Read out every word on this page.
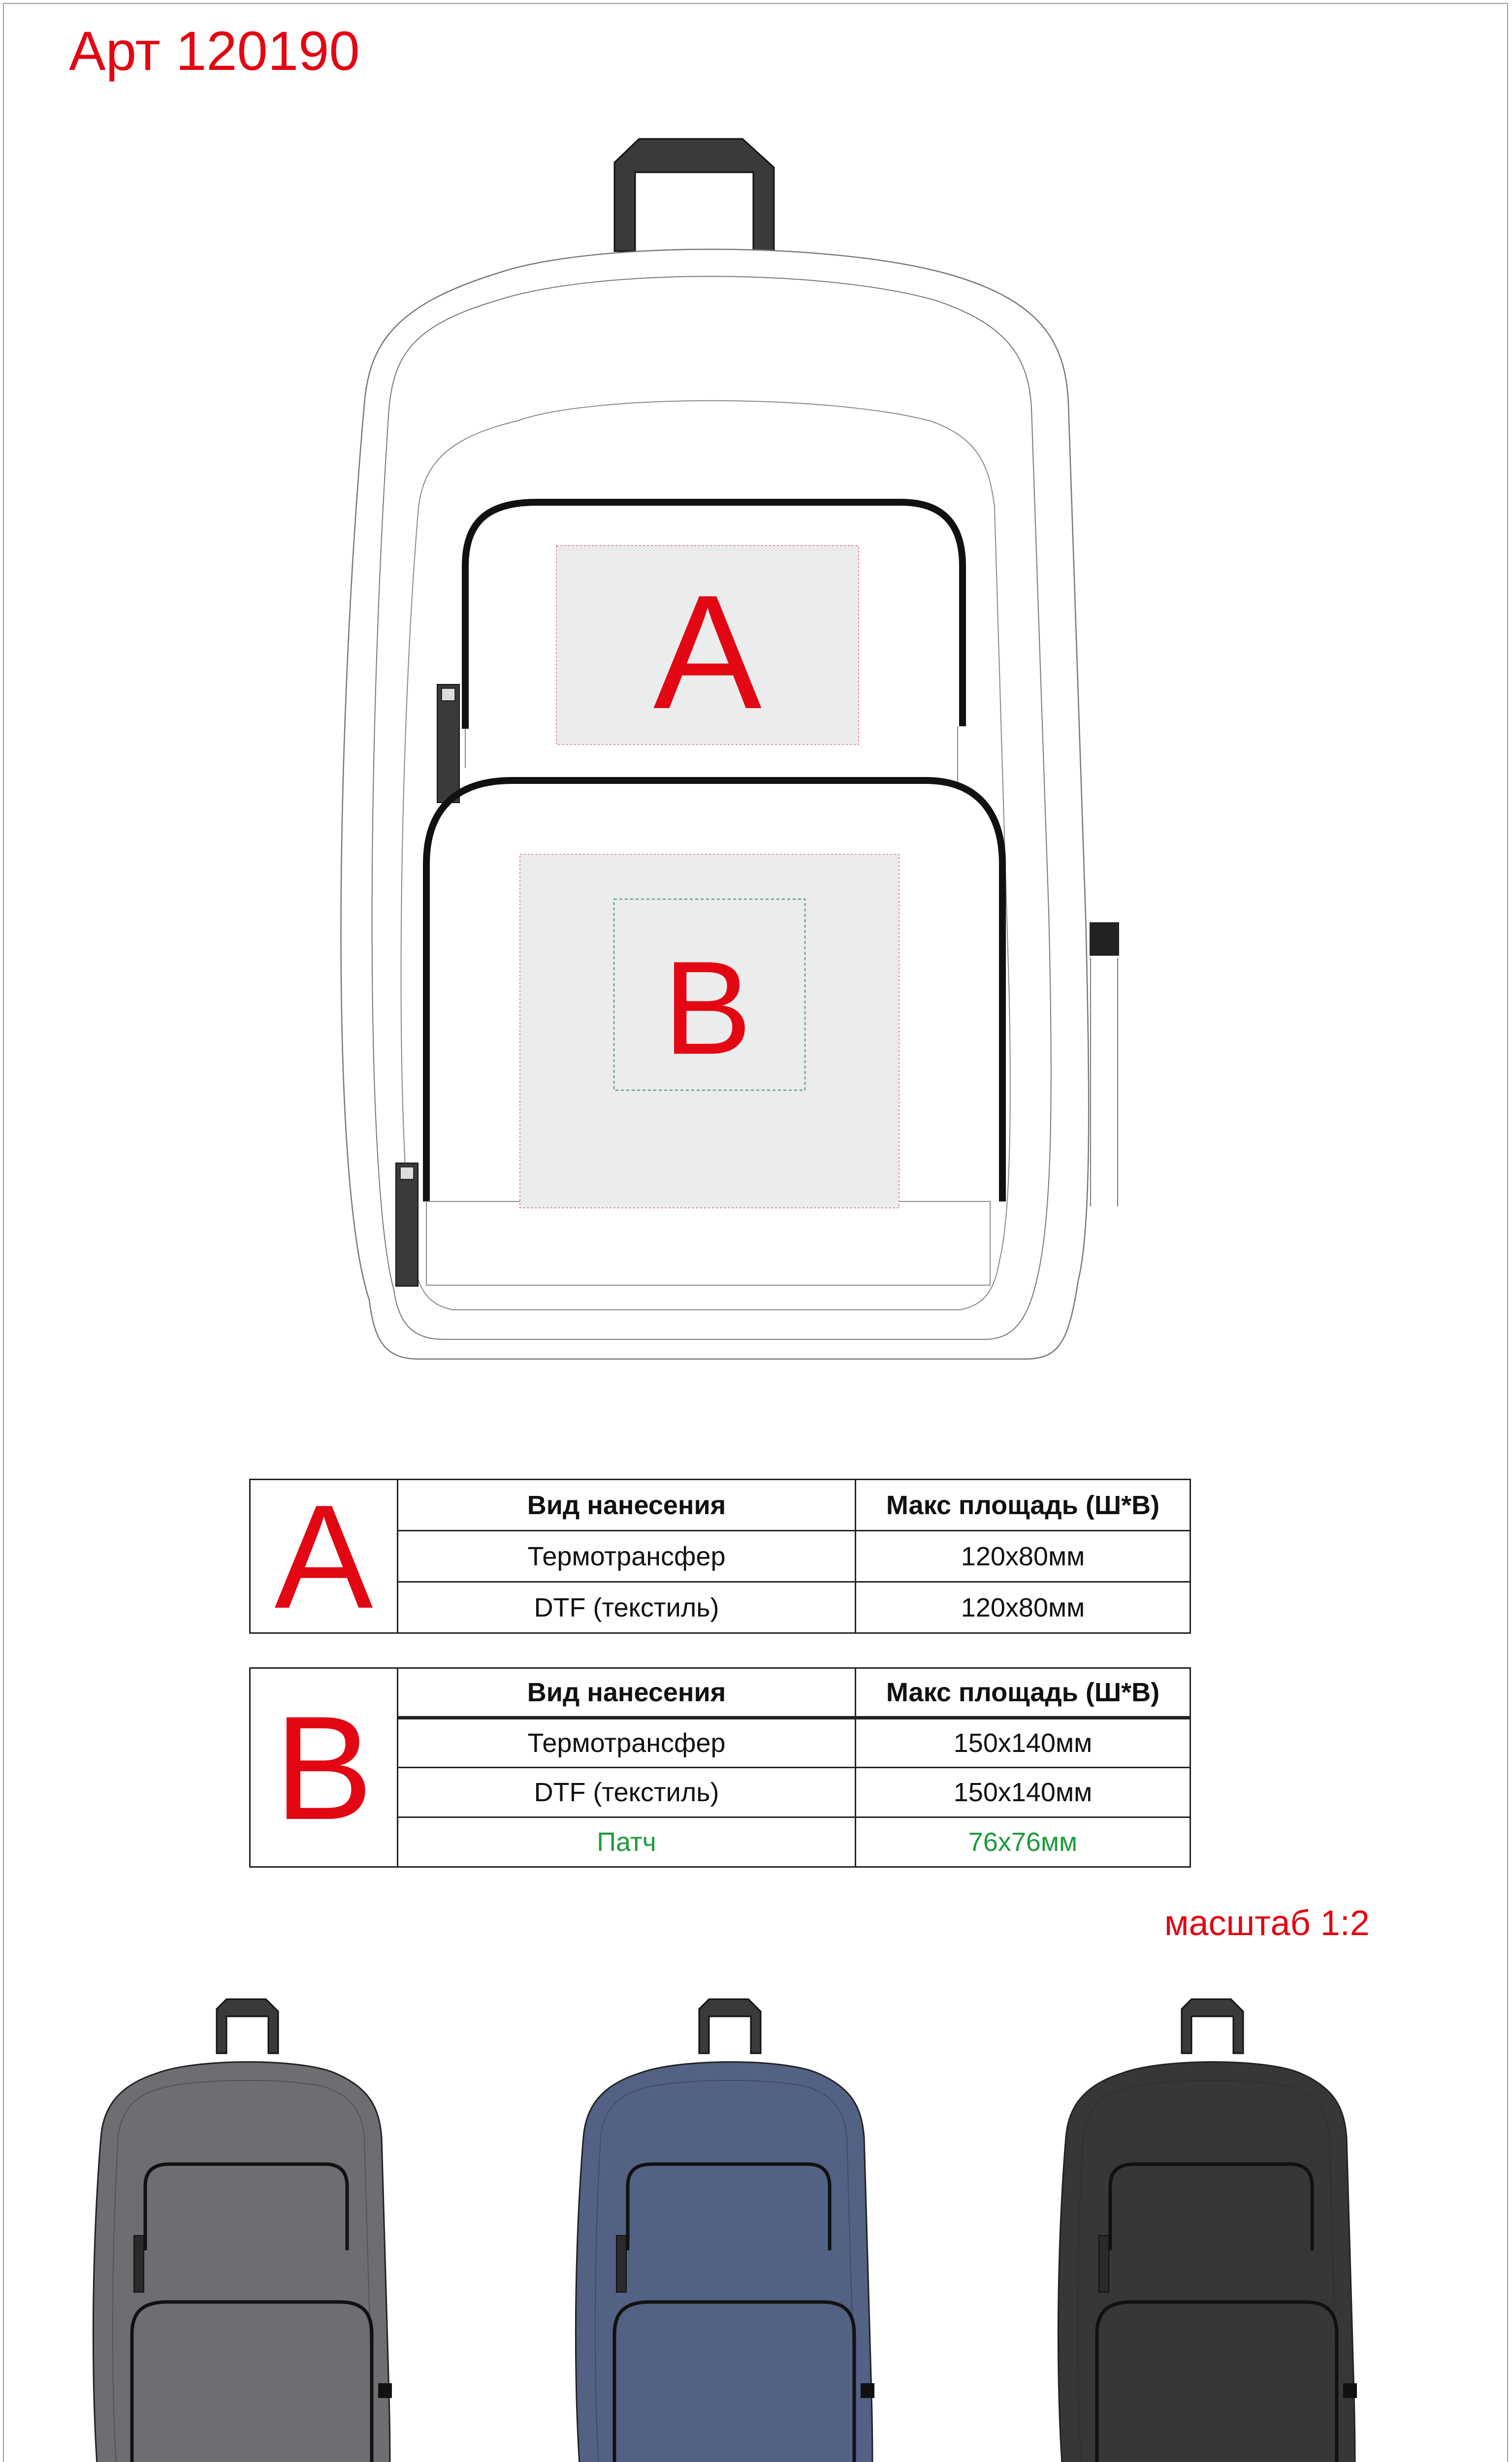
Арт 120190
A
B
A	Вид нанесения	Макс площадь (Ш*В)
	Термотрансфер	120х80мм
	DTF (текстиль)	120х80мм
B	Вид нанесения	Макс площадь (Ш*В)
	Термотрансфер	150х140мм
	DTF (текстиль)	150х140мм
	Патч	76х76мм
масштаб 1:2
